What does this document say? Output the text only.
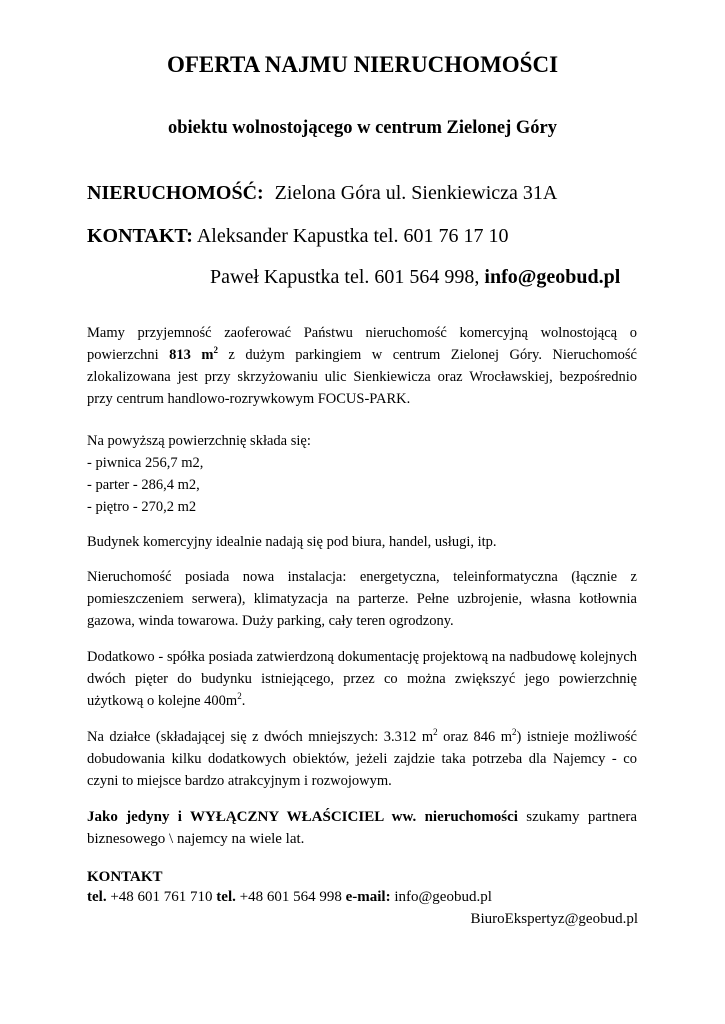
OFERTA NAJMU NIERUCHOMOŚCI
obiektu wolnostojącego w centrum Zielonej Góry
NIERUCHOMOŚĆ: Zielona Góra ul. Sienkiewicza 31A
KONTAKT: Aleksander Kapustka tel. 601 76 17 10
Paweł Kapustka tel. 601 564 998, info@geobud.pl
Mamy przyjemność zaoferować Państwu nieruchomość komercyjną wolnostojącą o powierzchni 813 $m^2$ z dużym parkingiem w centrum Zielonej Góry. Nieruchomość zlokalizowana jest przy skrzyżowaniu ulic Sienkiewicza oraz Wrocławskiej, bezpośrednio przy centrum handlowo-rozrywkowym FOCUS-PARK.
Na powyższą powierzchnię składa się:
- piwnica 256,7 m2,
- parter - 286,4 m2,
- piętro - 270,2 m2
Budynek komercyjny idealnie nadają się pod biura, handel, usługi, itp.
Nieruchomość posiada nowa instalacja: energetyczna, teleinformatyczna (łącznie z pomieszczeniem serwera), klimatyzacja na parterze. Pełne uzbrojenie, własna kotłownia gazowa, winda towarowa. Duży parking, cały teren ogrodzony.
Dodatkowo - spółka posiada zatwierdzoną dokumentację projektową na nadbudowę kolejnych dwóch pięter do budynku istniejącego, przez co można zwiększyć jego powierzchnię użytkową o kolejne $400m^2$.
Na działce (składającej się z dwóch mniejszych: 3.312 $m^2$ oraz 846 $m^2$) istnieje możliwość dobudowania kilku dodatkowych obiektów, jeżeli zajdzie taka potrzeba dla Najemcy - co czyni to miejsce bardzo atrakcyjnym i rozwojowym.
Jako jedyny i WYŁĄCZNY WŁAŚCICIEL ww. nieruchomości szukamy partnera biznesowego \ najemcy na wiele lat.
KONTAKT
tel. +48 601 761 710 tel. +48 601 564 998 e-mail: info@geobud.pl
BiuroEkspertyz@geobud.pl
